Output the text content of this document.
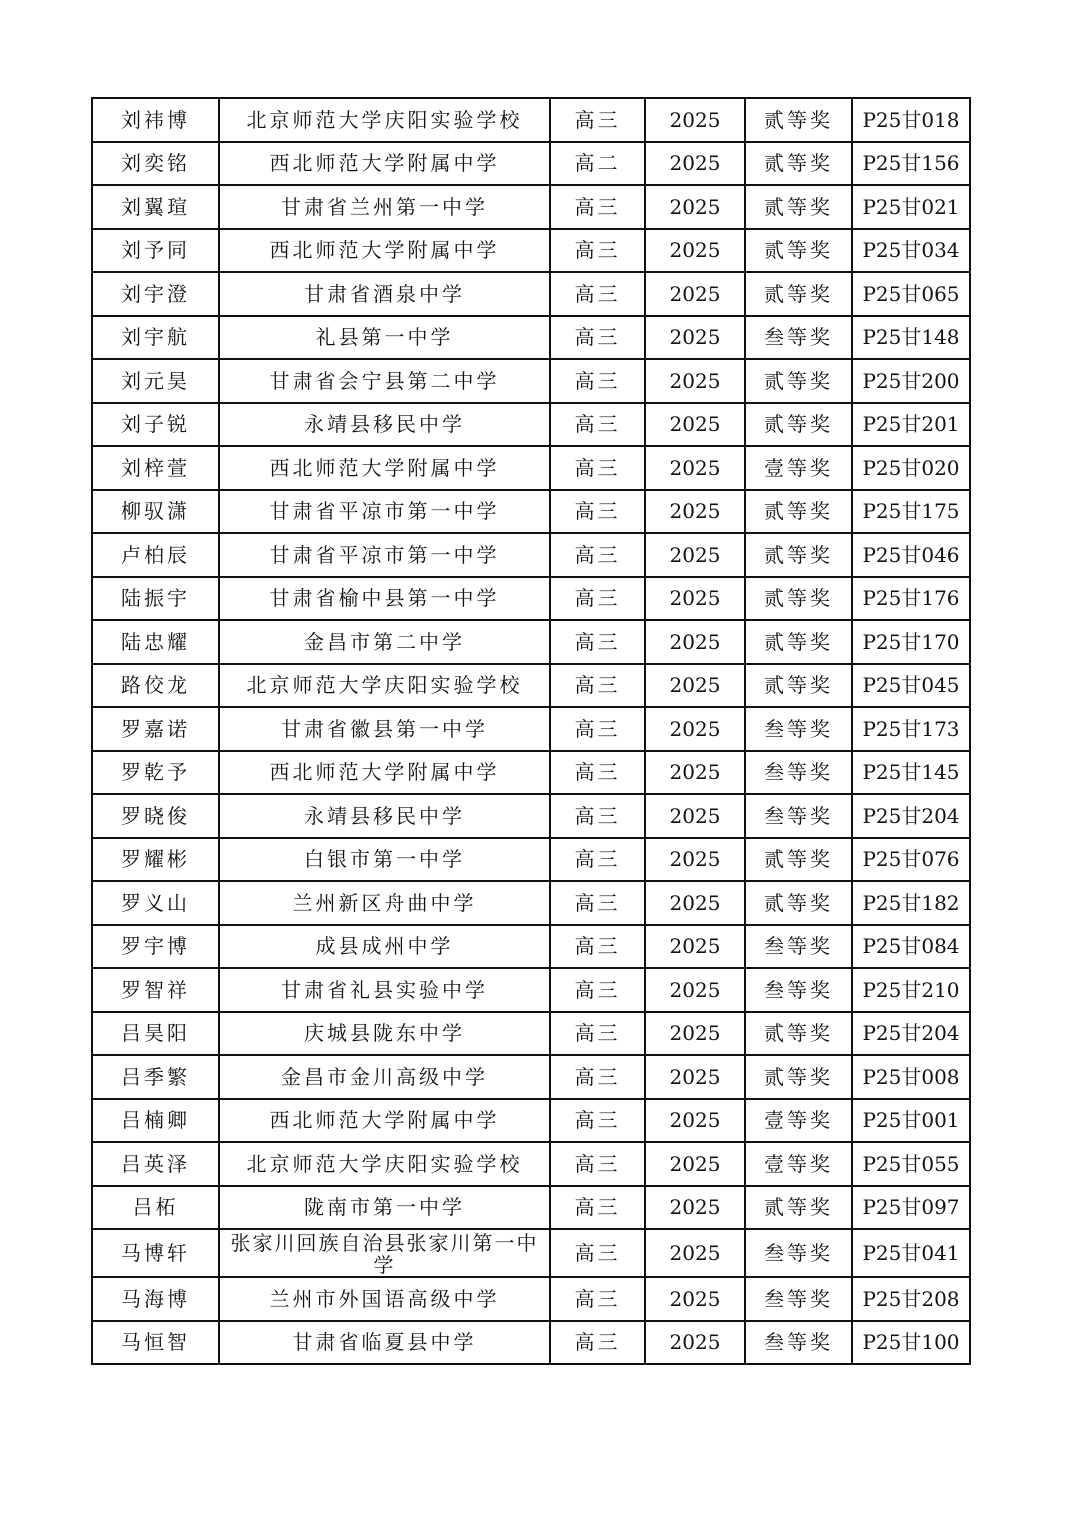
刘祎博	北京师范大学庆阳实验学校	高三	2025	贰等奖	P25甘018
刘奕铭	西北师范大学附属中学	高二	2025	贰等奖	P25甘156
刘翼瑄	甘肃省兰州第一中学	高三	2025	贰等奖	P25甘021
刘予同	西北师范大学附属中学	高三	2025	贰等奖	P25甘034
刘宇澄	甘肃省酒泉中学	高三	2025	贰等奖	P25甘065
刘宇航	礼县第一中学	高三	2025	叁等奖	P25甘148
刘元昊	甘肃省会宁县第二中学	高三	2025	贰等奖	P25甘200
刘子锐	永靖县移民中学	高三	2025	贰等奖	P25甘201
刘梓萱	西北师范大学附属中学	高三	2025	壹等奖	P25甘020
柳驭潇	甘肃省平凉市第一中学	高三	2025	贰等奖	P25甘175
卢柏辰	甘肃省平凉市第一中学	高三	2025	贰等奖	P25甘046
陆振宇	甘肃省榆中县第一中学	高三	2025	贰等奖	P25甘176
陆忠耀	金昌市第二中学	高三	2025	贰等奖	P25甘170
路佼龙	北京师范大学庆阳实验学校	高三	2025	贰等奖	P25甘045
罗嘉诺	甘肃省徽县第一中学	高三	2025	叁等奖	P25甘173
罗乾予	西北师范大学附属中学	高三	2025	叁等奖	P25甘145
罗晓俊	永靖县移民中学	高三	2025	叁等奖	P25甘204
罗耀彬	白银市第一中学	高三	2025	贰等奖	P25甘076
罗义山	兰州新区舟曲中学	高三	2025	贰等奖	P25甘182
罗宇博	成县成州中学	高三	2025	叁等奖	P25甘084
罗智祥	甘肃省礼县实验中学	高三	2025	叁等奖	P25甘210
吕昊阳	庆城县陇东中学	高三	2025	贰等奖	P25甘204
吕季繁	金昌市金川高级中学	高三	2025	贰等奖	P25甘008
吕楠卿	西北师范大学附属中学	高三	2025	壹等奖	P25甘001
吕英泽	北京师范大学庆阳实验学校	高三	2025	壹等奖	P25甘055
吕柘	陇南市第一中学	高三	2025	贰等奖	P25甘097
马博轩	张家川回族自治县张家川第一中学	高三	2025	叁等奖	P25甘041
马海博	兰州市外国语高级中学	高三	2025	叁等奖	P25甘208
马恒智	甘肃省临夏县中学	高三	2025	叁等奖	P25甘100
